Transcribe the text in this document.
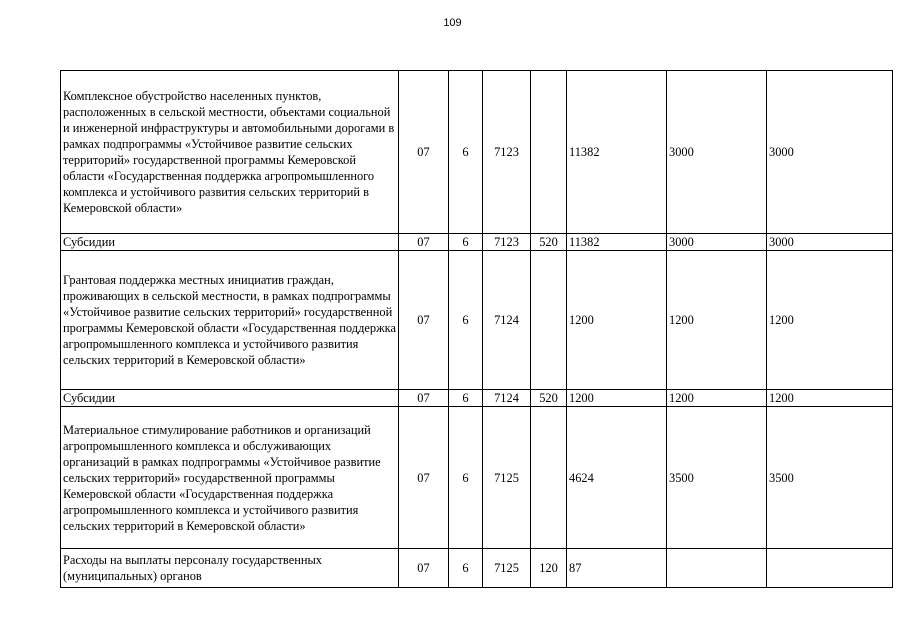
109
Комплексное обустройство населенных пунктов, расположенных в сельской местности, объектами социальной и инженерной инфраструктуры и автомобильными дорогами в рамках подпрограммы «Устойчивое развитие сельских территорий» государственной программы Кемеровской области «Государственная поддержка агропромышленного комплекса и устойчивого развития сельских территорий в Кемеровской области»	07	6	7123		11382	3000	3000
Субсидии	07	6	7123	520	11382	3000	3000
Грантовая поддержка местных инициатив граждан, проживающих в сельской местности, в рамках подпрограммы «Устойчивое развитие сельских территорий» государственной программы Кемеровской области «Государственная поддержка агропромышленного комплекса и устойчивого развития сельских территорий в Кемеровской области»	07	6	7124		1200	1200	1200
Субсидии	07	6	7124	520	1200	1200	1200
Материальное стимулирование работников и организаций агропромышленного комплекса и обслуживающих организаций в рамках подпрограммы «Устойчивое развитие сельских территорий» государственной программы Кемеровской области «Государственная поддержка агропромышленного комплекса и устойчивого развития сельских территорий в Кемеровской области»	07	6	7125		4624	3500	3500
Расходы на выплаты персоналу государственных (муниципальных) органов	07	6	7125	120	87		
